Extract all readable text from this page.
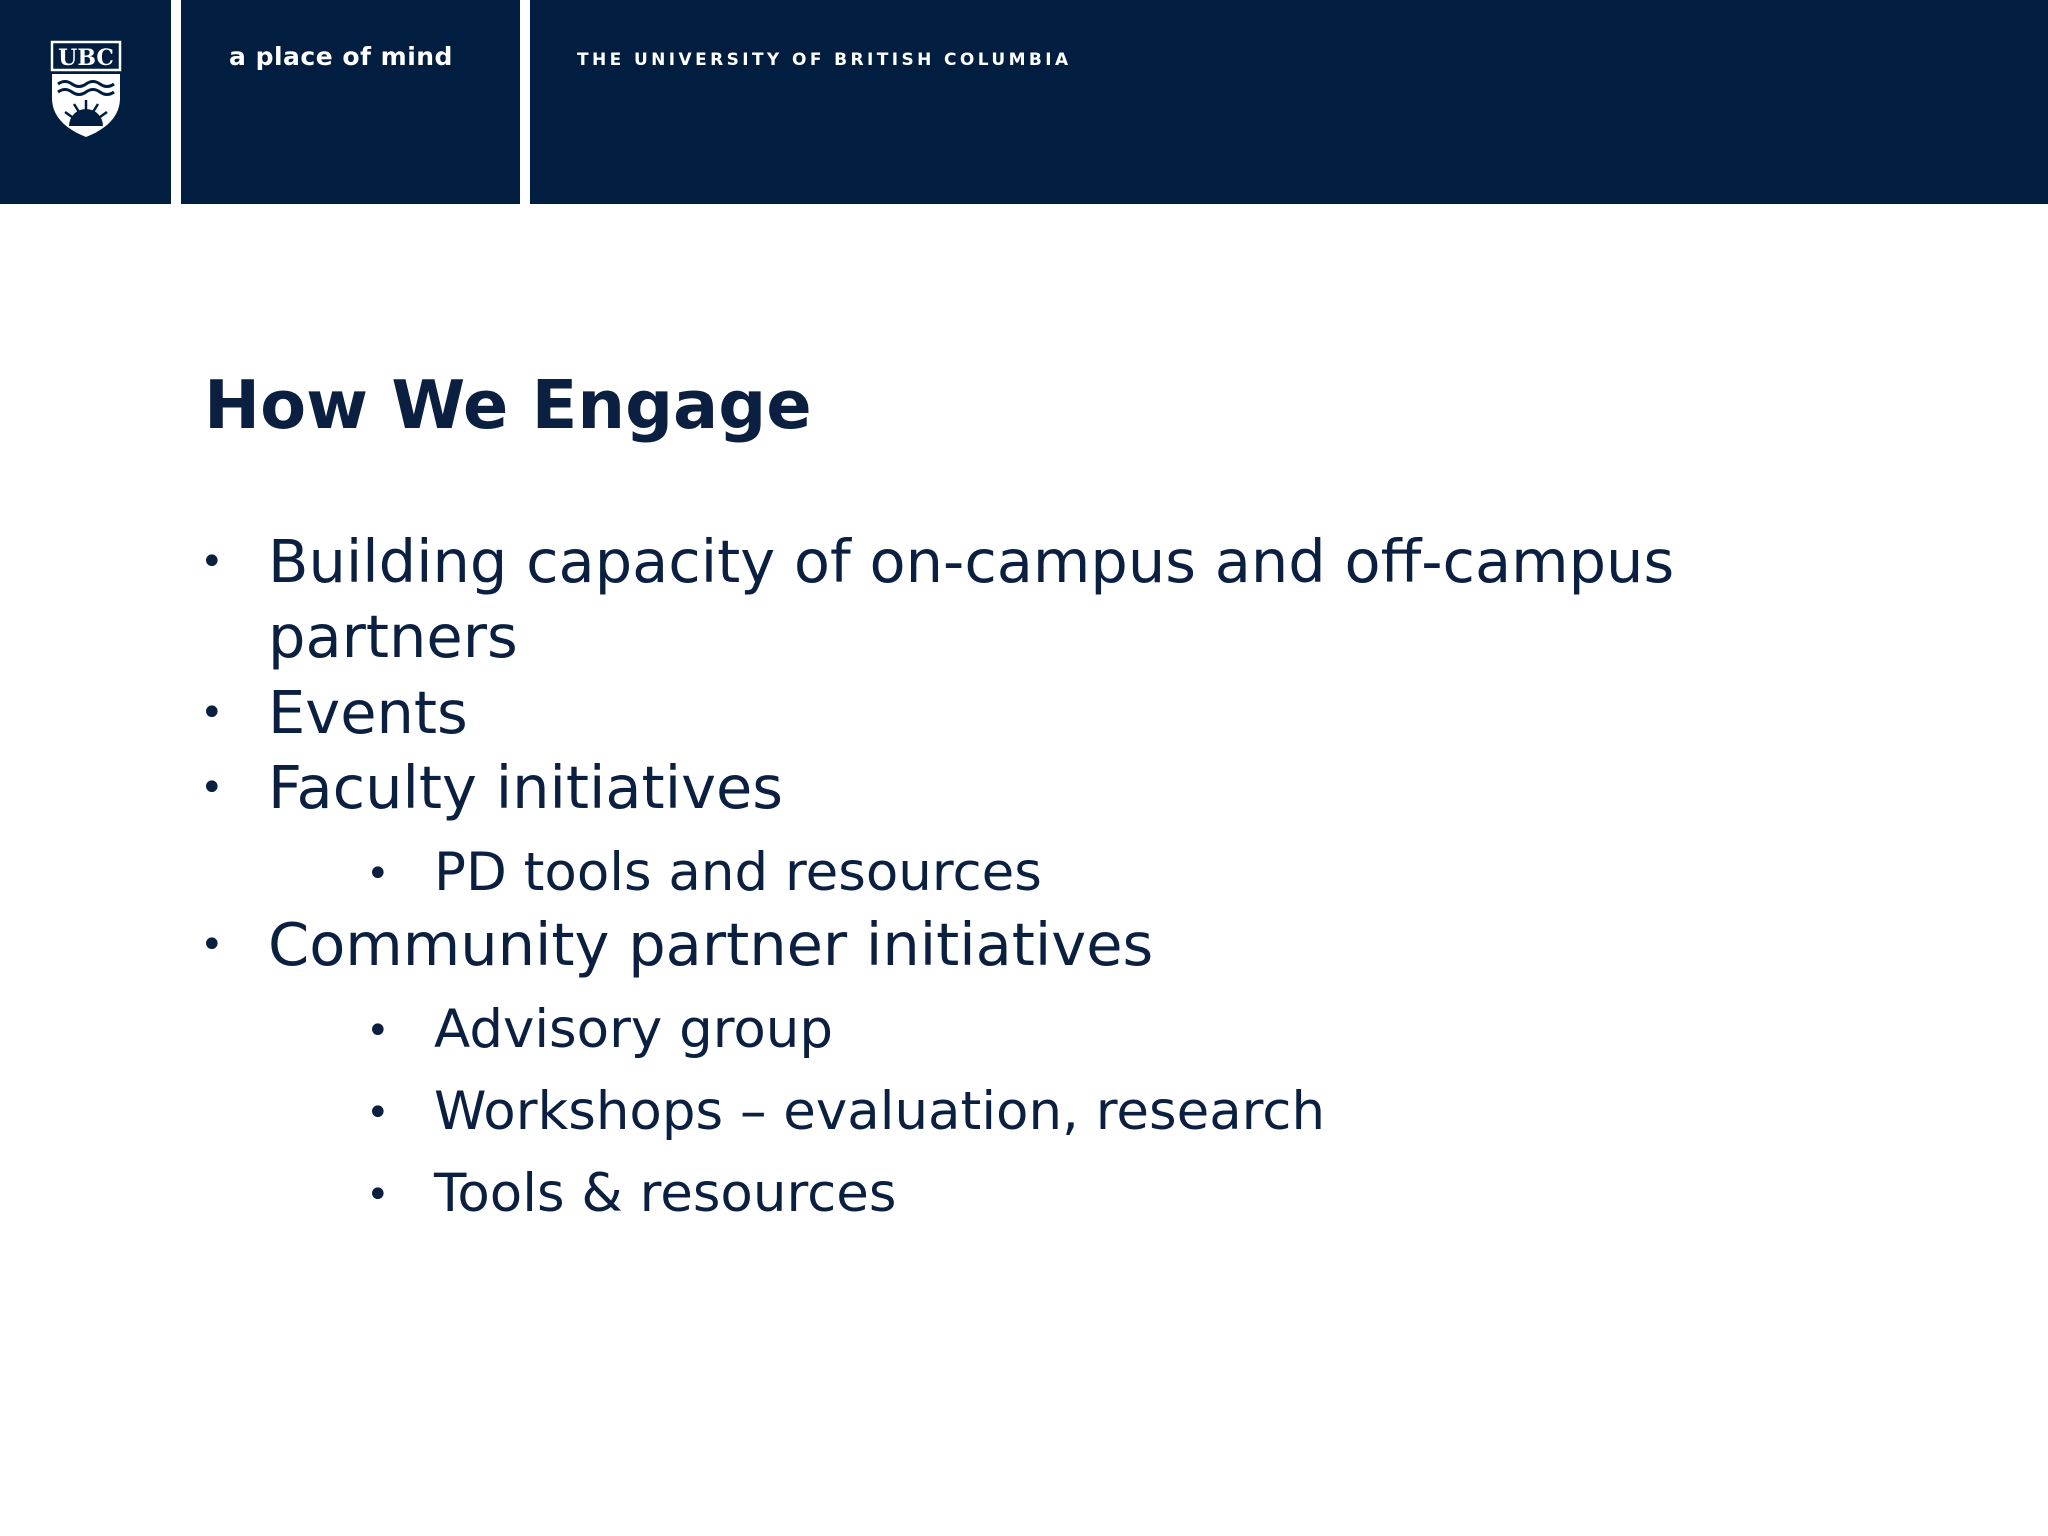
UBC	a place of mind	THE UNIVERSITY OF BRITISH COLUMBIA
How We Engage
• Building capacity of on-campus and off-campus
partners
• Events
• Faculty initiatives
• PD tools and resources
• Community partner initiatives
• Advisory group
• Workshops – evaluation, research
• Tools & resources
